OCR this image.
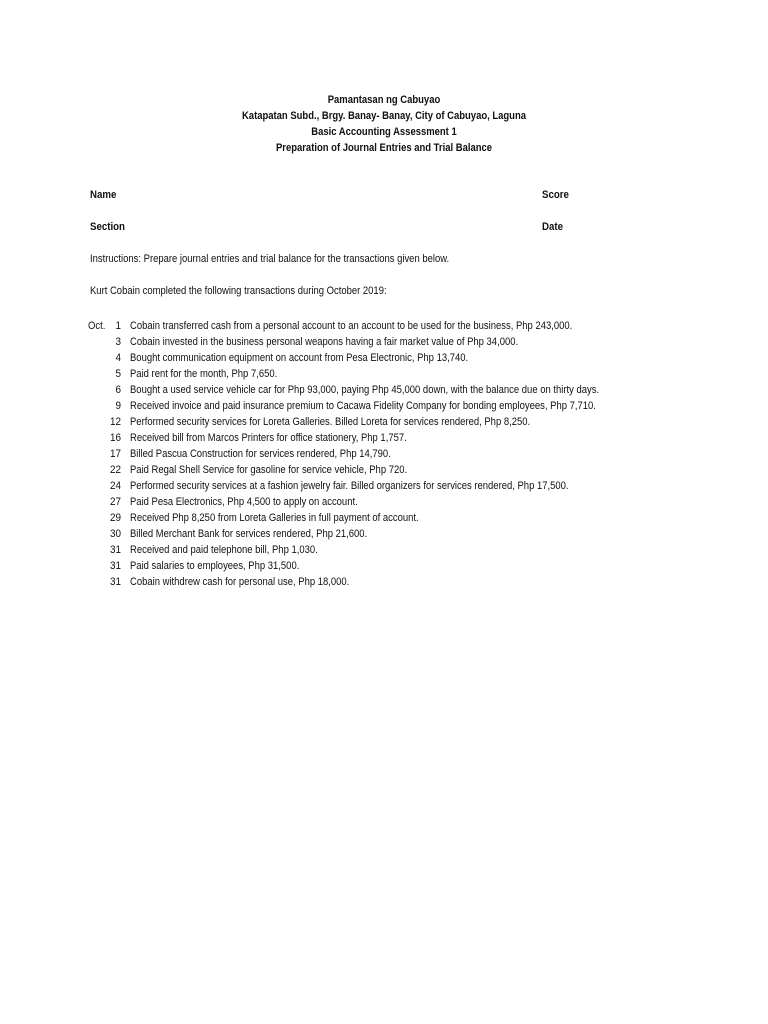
Pamantasan ng Cabuyao
Katapatan Subd., Brgy. Banay- Banay, City of Cabuyao, Laguna
Basic Accounting Assessment 1
Preparation of Journal Entries and Trial Balance
Name	Score
Section	Date
Instructions: Prepare journal entries and trial balance for the transactions given below.
Kurt Cobain completed the following transactions during October 2019:
Oct. 1 Cobain transferred cash from a personal account to an account to be used for the business, Php 243,000.
3 Cobain invested in the business personal weapons having a fair market value of Php 34,000.
4 Bought communication equipment on account from Pesa Electronic, Php 13,740.
5 Paid rent for the month, Php 7,650.
6 Bought a used service vehicle car for Php 93,000, paying Php 45,000 down, with the balance due on thirty days.
9 Received invoice and paid insurance premium to Cacawa Fidelity Company for bonding employees, Php 7,710.
12 Performed security services for Loreta Galleries. Billed Loreta for services rendered, Php 8,250.
16 Received bill from Marcos Printers for office stationery, Php 1,757.
17 Billed Pascua Construction for services rendered, Php 14,790.
22 Paid Regal Shell Service for gasoline for service vehicle, Php 720.
24 Performed security services at a fashion jewelry fair. Billed organizers for services rendered, Php 17,500.
27 Paid Pesa Electronics, Php 4,500 to apply on account.
29 Received Php 8,250 from Loreta Galleries in full payment of account.
30 Billed Merchant Bank for services rendered, Php 21,600.
31 Received and paid telephone bill, Php 1,030.
31 Paid salaries to employees, Php 31,500.
31 Cobain withdrew cash for personal use, Php 18,000.
